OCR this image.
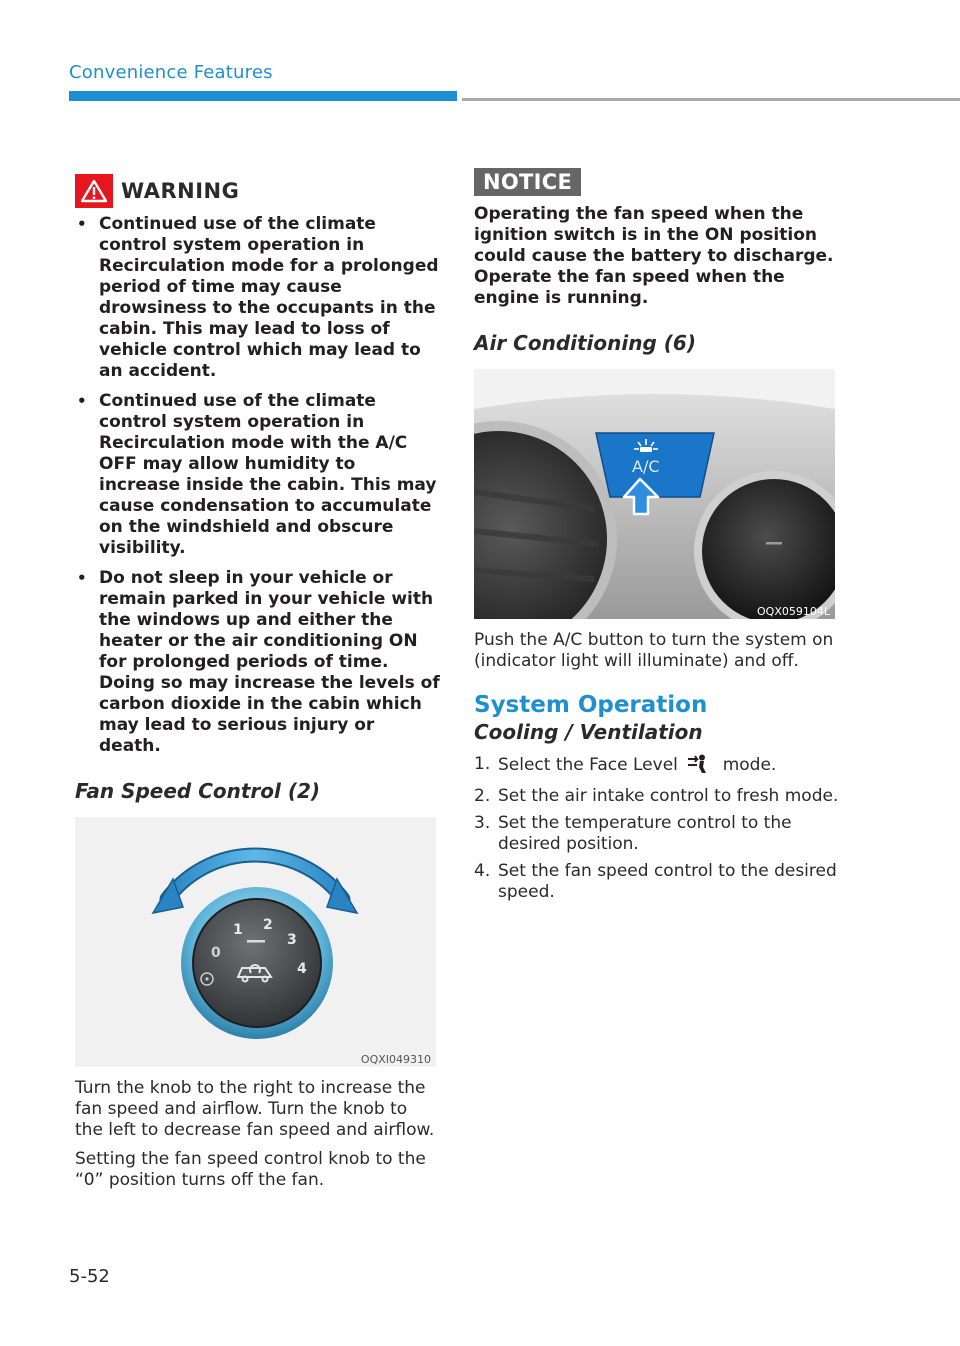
Convenience Features
WARNING
• Continued use of the climate control system operation in Recirculation mode for a prolonged period of time may cause drowsiness to the occupants in the cabin. This may lead to loss of vehicle control which may lead to an accident.
• Continued use of the climate control system operation in Recirculation mode with the A/C OFF may allow humidity to increase inside the cabin. This may cause condensation to accumulate on the windshield and obscure visibility.
• Do not sleep in your vehicle or remain parked in your vehicle with the windows up and either the heater or the air conditioning ON for prolonged periods of time. Doing so may increase the levels of carbon dioxide in the cabin which may lead to serious injury or death.
Fan Speed Control (2)
0
1 2
3
4
OQXI049310

Turn the knob to the right to increase the fan speed and airflow. Turn the knob to the left to decrease fan speed and airflow.

Setting the fan speed control knob to the “0” position turns off the fan.

NOTICE

Operating the fan speed when the ignition switch is in the ON position could cause the battery to discharge. Operate the fan speed when the engine is running.

Air Conditioning (6)
A/C
OQX059104L

Push the A/C button to turn the system on (indicator light will illuminate) and off.

System Operation
Cooling / Ventilation
1. Select the Face Level	mode.
2. Set the air intake control to fresh mode.
3. Set the temperature control to the desired position.
4. Set the fan speed control to the desired speed.
5-52
